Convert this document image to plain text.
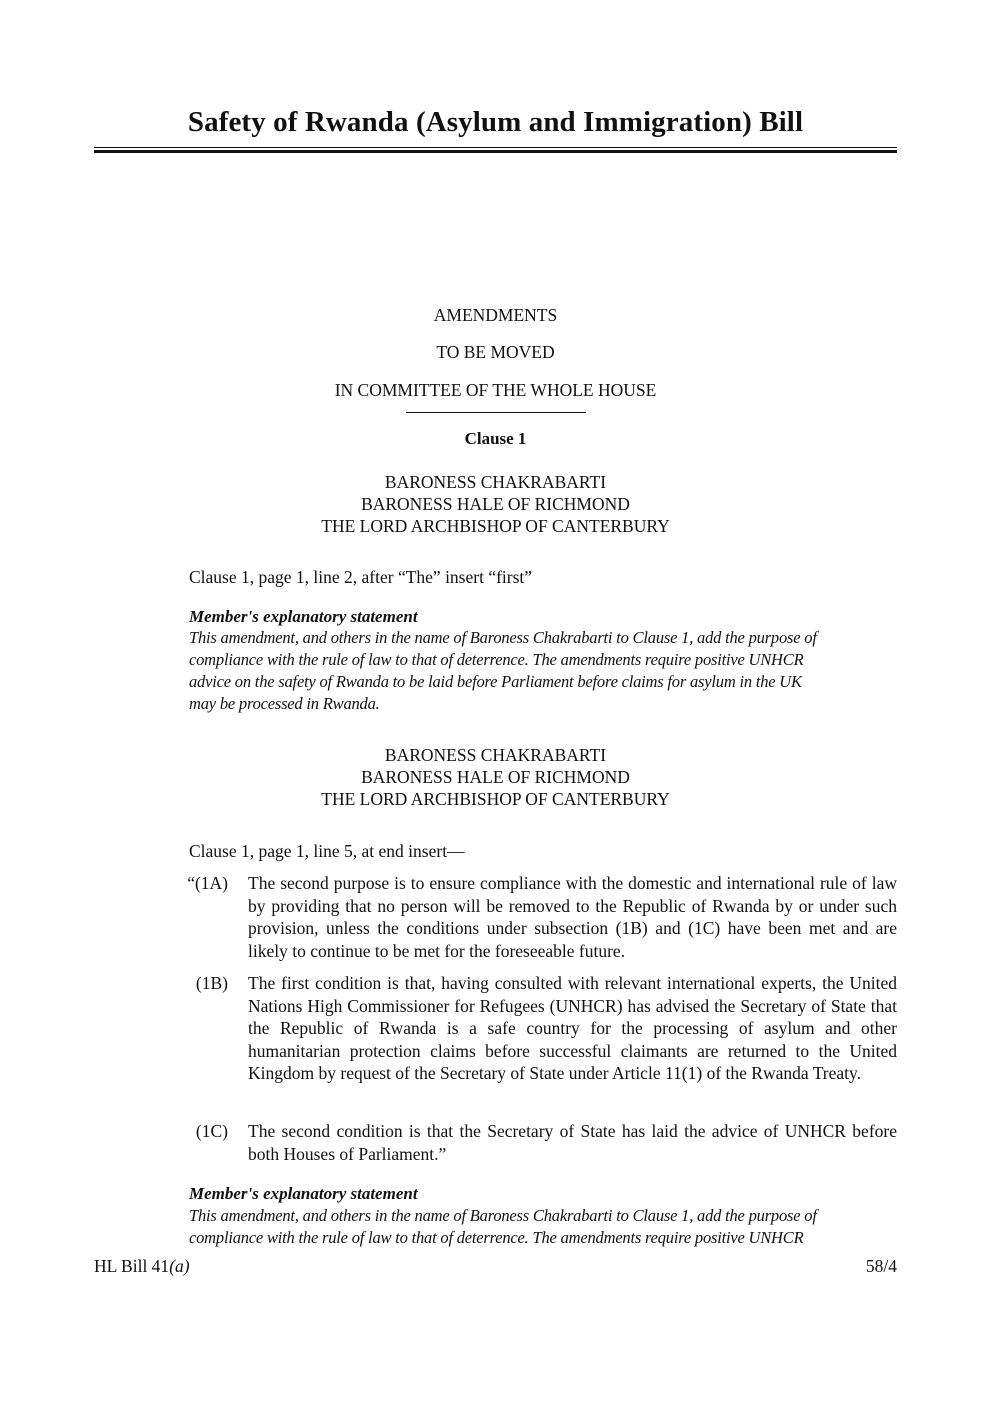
Safety of Rwanda (Asylum and Immigration) Bill
AMENDMENTS
TO BE MOVED
IN COMMITTEE OF THE WHOLE HOUSE
Clause 1
BARONESS CHAKRABARTI
BARONESS HALE OF RICHMOND
THE LORD ARCHBISHOP OF CANTERBURY
Clause 1, page 1, line 2, after “The” insert “first”
Member's explanatory statement
This amendment, and others in the name of Baroness Chakrabarti to Clause 1, add the purpose of
compliance with the rule of law to that of deterrence. The amendments require positive UNHCR
advice on the safety of Rwanda to be laid before Parliament before claims for asylum in the UK
may be processed in Rwanda.
BARONESS CHAKRABARTI
BARONESS HALE OF RICHMOND
THE LORD ARCHBISHOP OF CANTERBURY
Clause 1, page 1, line 5, at end insert—
“(1A)	The second purpose is to ensure compliance with the domestic and international rule of law by providing that no person will be removed to the Republic of Rwanda by or under such provision, unless the conditions under subsection (1B) and (1C) have been met and are likely to continue to be met for the foreseeable future.
(1B)	The first condition is that, having consulted with relevant international experts, the United Nations High Commissioner for Refugees (UNHCR) has advised the Secretary of State that the Republic of Rwanda is a safe country for the processing of asylum and other humanitarian protection claims before successful claimants are returned to the United Kingdom by request of the Secretary of State under Article 11(1) of the Rwanda Treaty.
(1C)	The second condition is that the Secretary of State has laid the advice of UNHCR before both Houses of Parliament.”
Member's explanatory statement
This amendment, and others in the name of Baroness Chakrabarti to Clause 1, add the purpose of
compliance with the rule of law to that of deterrence. The amendments require positive UNHCR
HL Bill 41(a)	58/4
